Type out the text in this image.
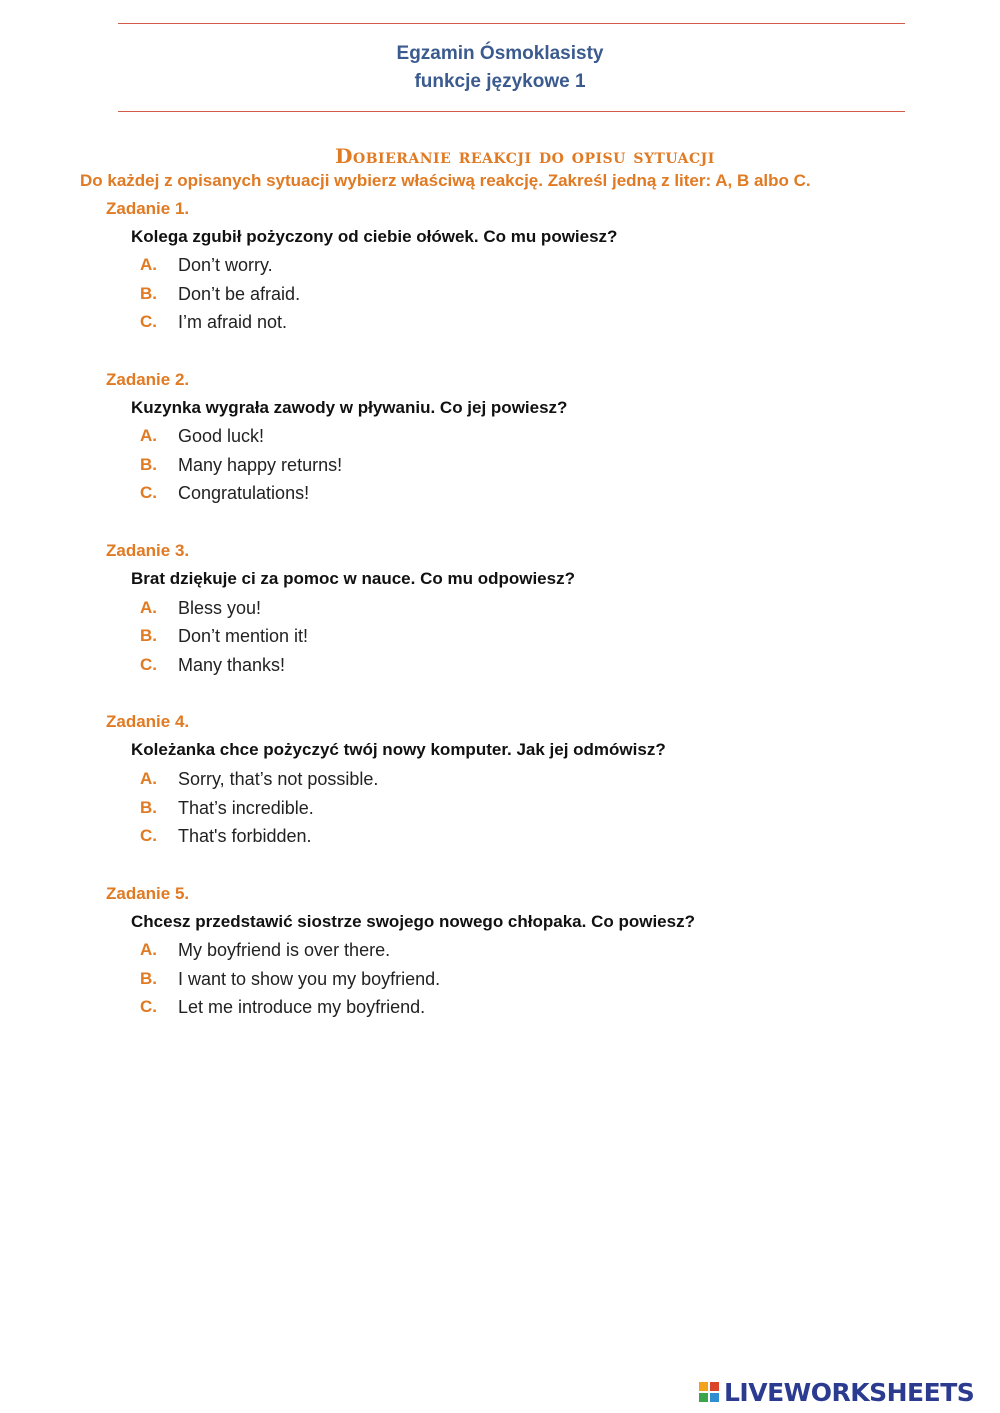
Egzamin Ósmoklasisty
funkcje językowe 1
Dobieranie reakcji do opisu sytuacji
Do każdej z opisanych sytuacji wybierz właściwą reakcję. Zakreśl jedną z liter: A, B albo C.
Zadanie 1.
Kolega zgubił pożyczony od ciebie ołówek. Co mu powiesz?
A. Don’t worry.
B. Don’t be afraid.
C. I’m afraid not.
Zadanie 2.
Kuzynka wygrała zawody w pływaniu. Co jej powiesz?
A. Good luck!
B. Many happy returns!
C. Congratulations!
Zadanie 3.
Brat dziękuje ci za pomoc w nauce. Co mu odpowiesz?
A. Bless you!
B. Don’t mention it!
C. Many thanks!
Zadanie 4.
Koleżanka chce pożyczyć twój nowy komputer. Jak jej odmówisz?
A. Sorry, that’s not possible.
B. That’s incredible.
C. That's forbidden.
Zadanie 5.
Chcesz przedstawić siostrze swojego nowego chłopaka. Co powiesz?
A. My boyfriend is over there.
B. I want to show you my boyfriend.
C. Let me introduce my boyfriend.
LIVEWORKSHEETS
